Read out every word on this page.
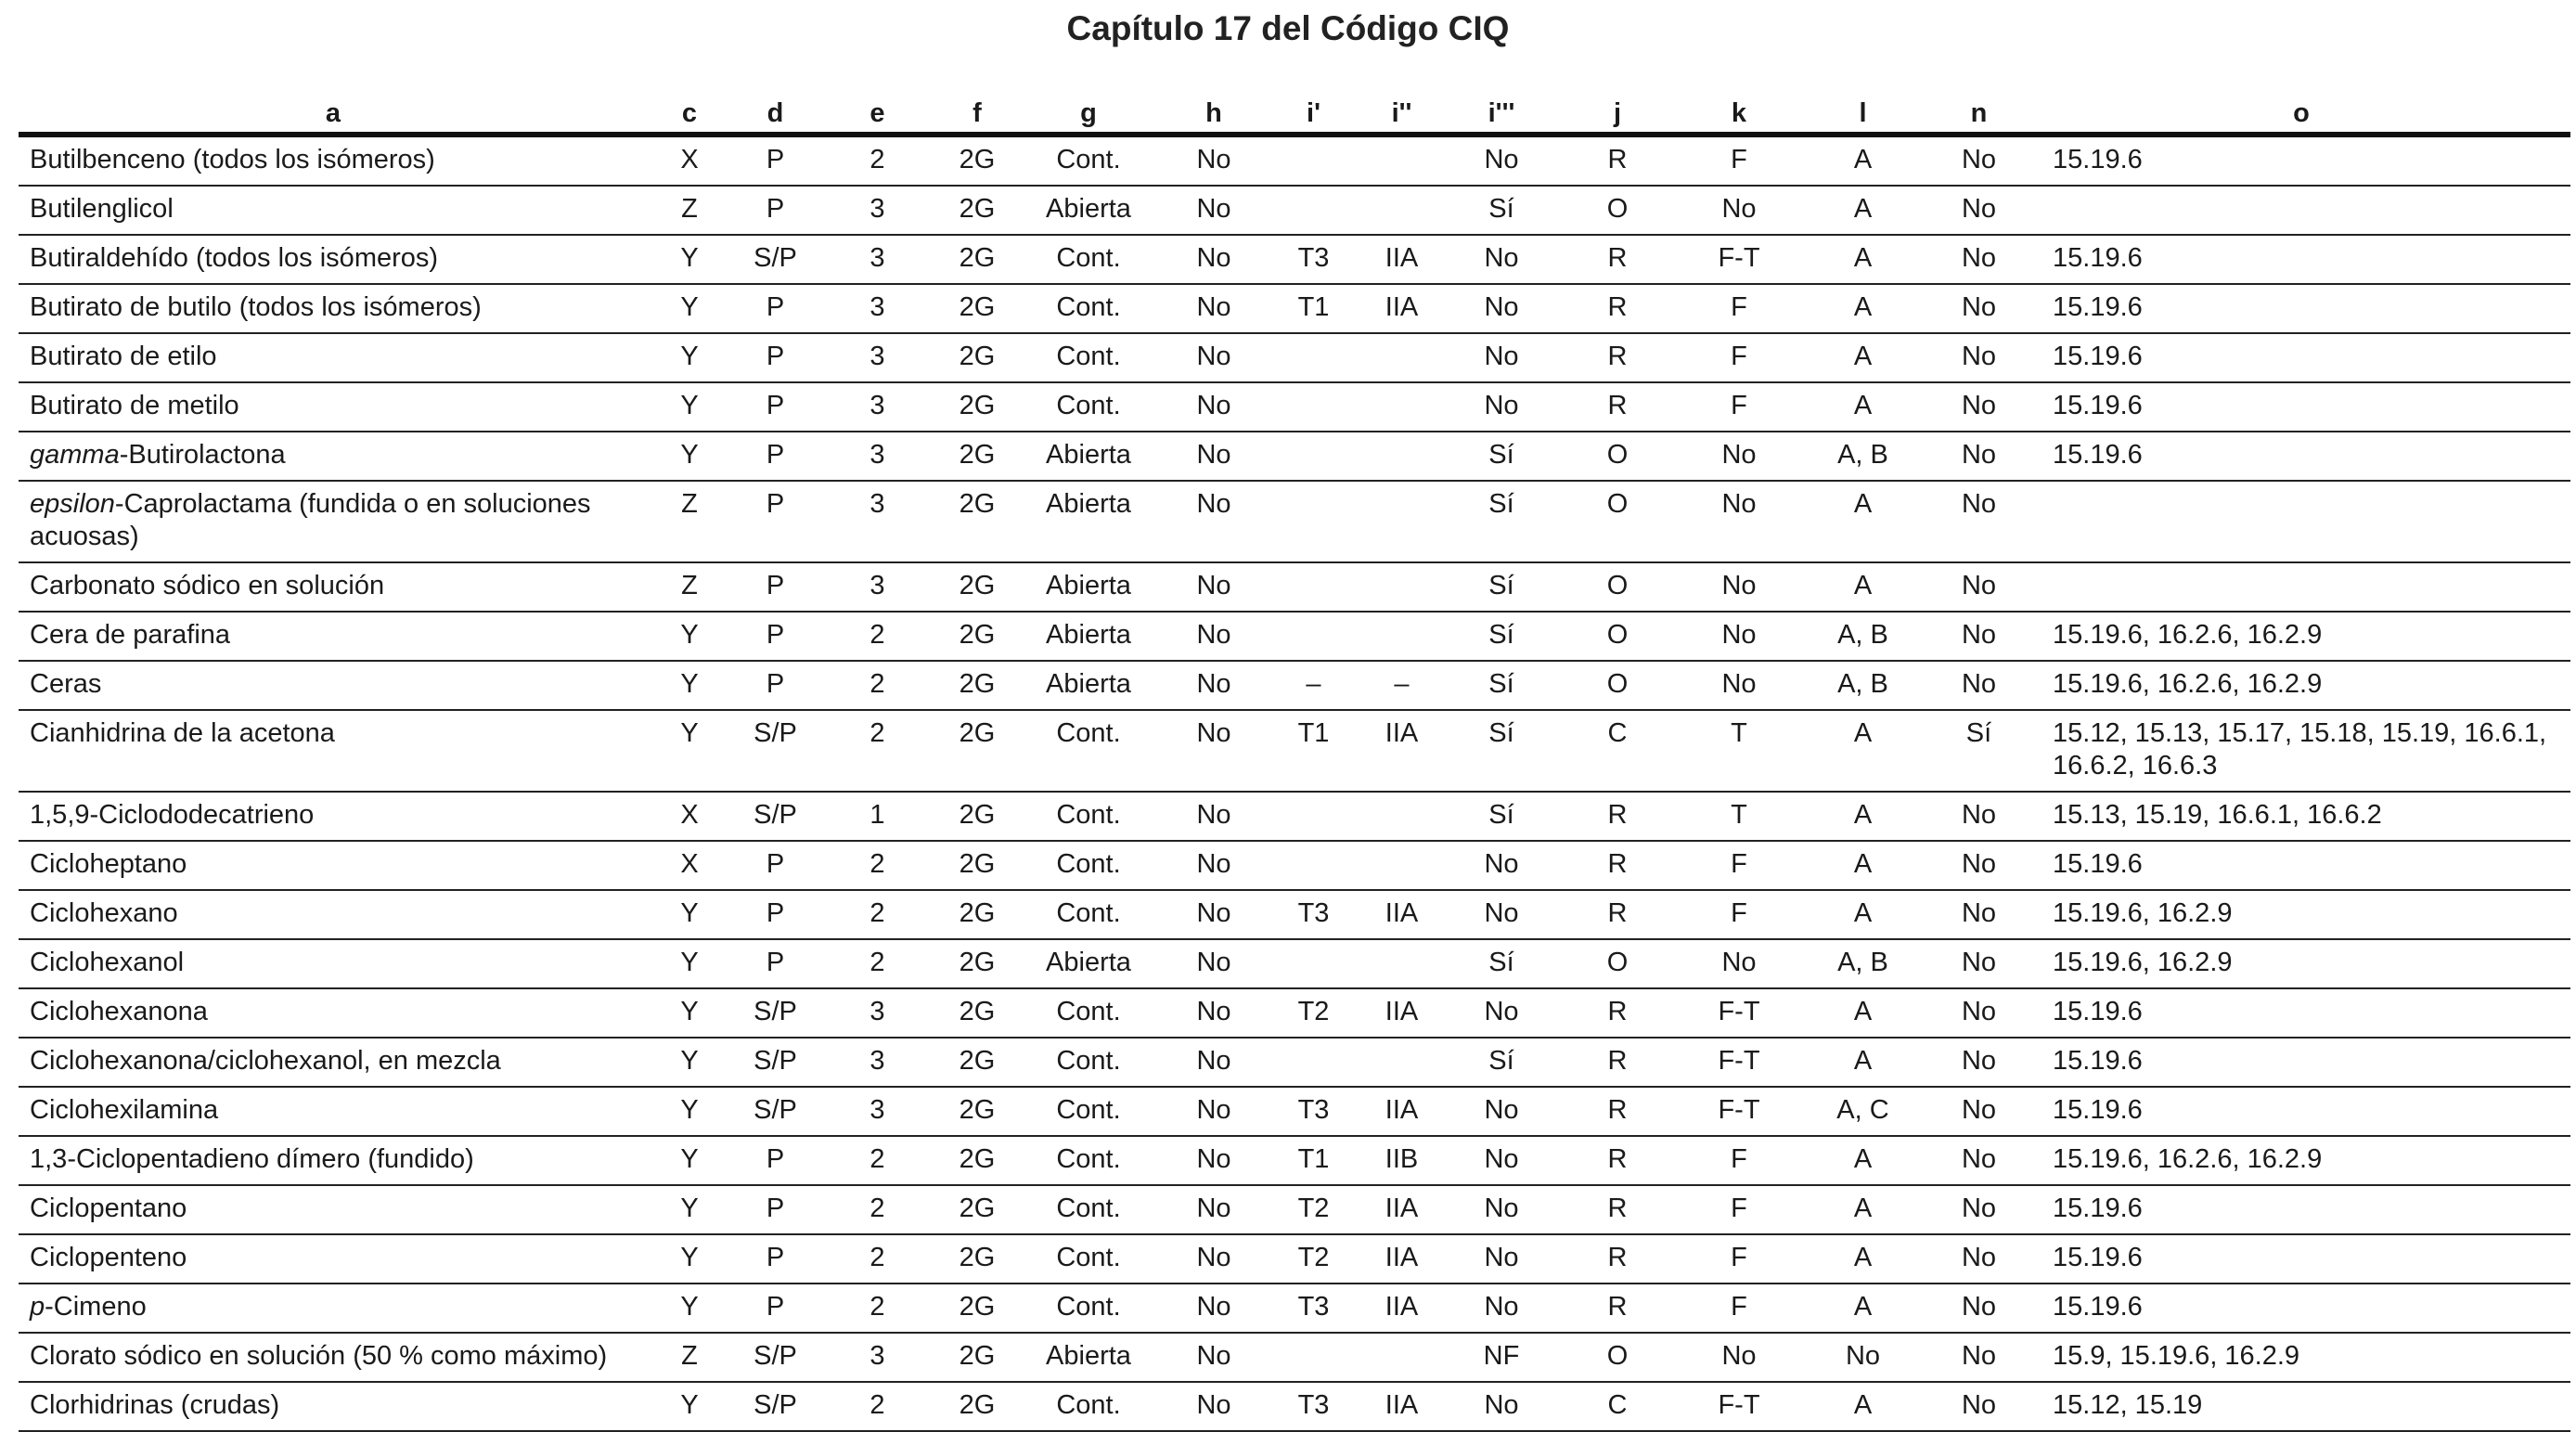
Capítulo 17 del Código CIQ
a	c	d	e	f	g	h	i'	i''	i'''	j	k	l	n	o
Butilbenceno (todos los isómeros)	X	P	2	2G	Cont.	No			No	R	F	A	No	15.19.6
Butilenglicol	Z	P	3	2G	Abierta	No			Sí	O	No	A	No	
Butiraldehído (todos los isómeros)	Y	S/P	3	2G	Cont.	No	T3	IIA	No	R	F-T	A	No	15.19.6
Butirato de butilo (todos los isómeros)	Y	P	3	2G	Cont.	No	T1	IIA	No	R	F	A	No	15.19.6
Butirato de etilo	Y	P	3	2G	Cont.	No			No	R	F	A	No	15.19.6
Butirato de metilo	Y	P	3	2G	Cont.	No			No	R	F	A	No	15.19.6
gamma-Butirolactona	Y	P	3	2G	Abierta	No			Sí	O	No	A, B	No	15.19.6
epsilon-Caprolactama (fundida o en soluciones acuosas)	Z	P	3	2G	Abierta	No			Sí	O	No	A	No	
Carbonato sódico en solución	Z	P	3	2G	Abierta	No			Sí	O	No	A	No	
Cera de parafina	Y	P	2	2G	Abierta	No			Sí	O	No	A, B	No	15.19.6, 16.2.6, 16.2.9
Ceras	Y	P	2	2G	Abierta	No	–	–	Sí	O	No	A, B	No	15.19.6, 16.2.6, 16.2.9
Cianhidrina de la acetona	Y	S/P	2	2G	Cont.	No	T1	IIA	Sí	C	T	A	Sí	15.12, 15.13, 15.17, 15.18, 15.19, 16.6.1, 16.6.2, 16.6.3
1,5,9-Ciclododecatrieno	X	S/P	1	2G	Cont.	No			Sí	R	T	A	No	15.13, 15.19, 16.6.1, 16.6.2
Cicloheptano	X	P	2	2G	Cont.	No			No	R	F	A	No	15.19.6
Ciclohexano	Y	P	2	2G	Cont.	No	T3	IIA	No	R	F	A	No	15.19.6, 16.2.9
Ciclohexanol	Y	P	2	2G	Abierta	No			Sí	O	No	A, B	No	15.19.6, 16.2.9
Ciclohexanona	Y	S/P	3	2G	Cont.	No	T2	IIA	No	R	F-T	A	No	15.19.6
Ciclohexanona/ciclohexanol, en mezcla	Y	S/P	3	2G	Cont.	No			Sí	R	F-T	A	No	15.19.6
Ciclohexilamina	Y	S/P	3	2G	Cont.	No	T3	IIA	No	R	F-T	A, C	No	15.19.6
1,3-Ciclopentadieno dímero (fundido)	Y	P	2	2G	Cont.	No	T1	IIB	No	R	F	A	No	15.19.6, 16.2.6, 16.2.9
Ciclopentano	Y	P	2	2G	Cont.	No	T2	IIA	No	R	F	A	No	15.19.6
Ciclopenteno	Y	P	2	2G	Cont.	No	T2	IIA	No	R	F	A	No	15.19.6
p-Cimeno	Y	P	2	2G	Cont.	No	T3	IIA	No	R	F	A	No	15.19.6
Clorato sódico en solución (50 % como máximo)	Z	S/P	3	2G	Abierta	No			NF	O	No	No	No	15.9, 15.19.6, 16.2.9
Clorhidrinas (crudas)	Y	S/P	2	2G	Cont.	No	T3	IIA	No	C	F-T	A	No	15.12, 15.19
